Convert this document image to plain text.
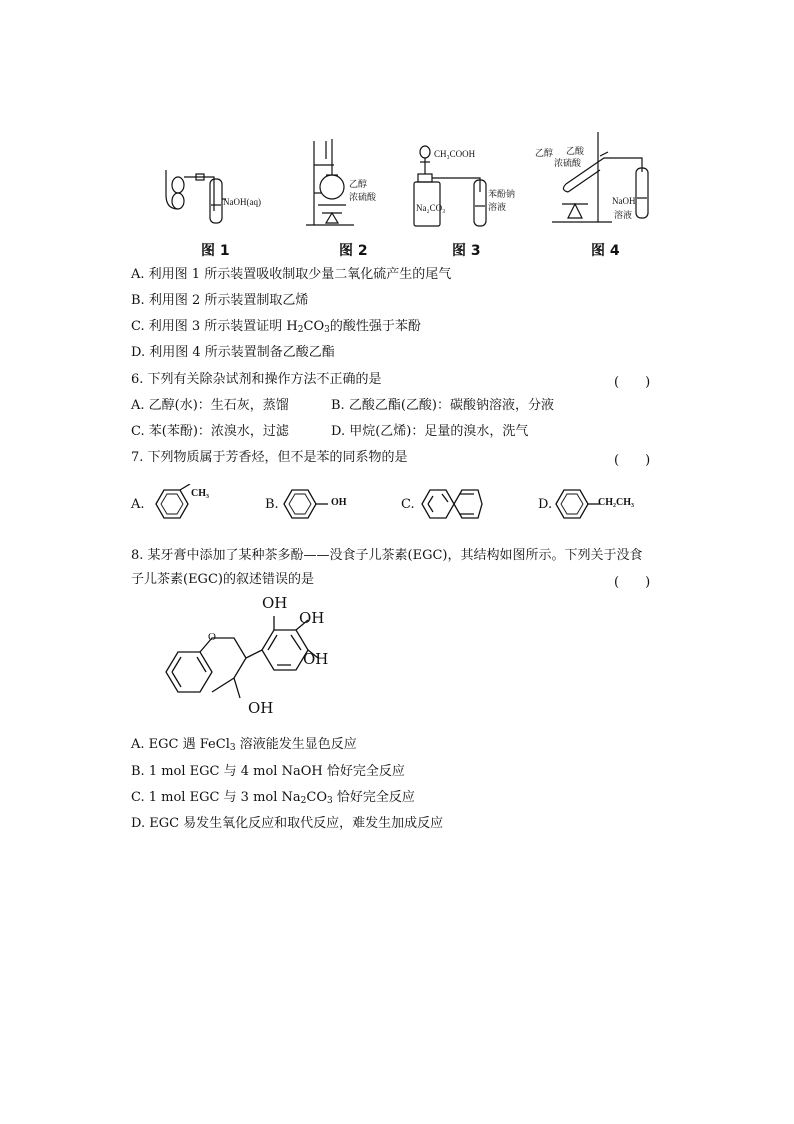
NaOH(aq)
图 1
乙醇
浓硫酸
图 2
CH₃COOH
Na₂CO₃
苯酚钠
溶液
图 3
乙醇 乙酸
浓硫酸
NaOH
溶液
图 4
A. 利用图 1 所示装置吸收制取少量二氧化硫产生的尾气
B. 利用图 2 所示装置制取乙烯
C. 利用图 3 所示装置证明 $H_2CO_3$的酸性强于苯酚
D. 利用图 4 所示装置制备乙酸乙酯
6. 下列有关除杂试剂和操作方法不正确的是	(　　)
A. 乙醇(水)：生石灰，蒸馏	B. 乙酸乙酯(乙酸)：碳酸钠溶液，分液
C. 苯(苯酚)：浓溴水，过滤	D. 甲烷(乙烯)：足量的溴水，洗气
7. 下列物质属于芳香烃，但不是苯的同系物的是	(　　)
A.
CH₃
B.	OH	C.	D.	CH₂CH₃
8. 某牙膏中添加了某种茶多酚——没食子儿茶素(EGC)，其结构如图所示。下列关于没食
子儿茶素(EGC)的叙述错误的是	(　　)
O
OH
OH
OH
OH
A. EGC 遇 FeCl$_3$ 溶液能发生显色反应
B. 1 mol EGC 与 4 mol NaOH 恰好完全反应
C. 1 mol EGC 与 3 mol $Na_2CO_3$ 恰好完全反应
D. EGC 易发生氧化反应和取代反应，难发生加成反应
